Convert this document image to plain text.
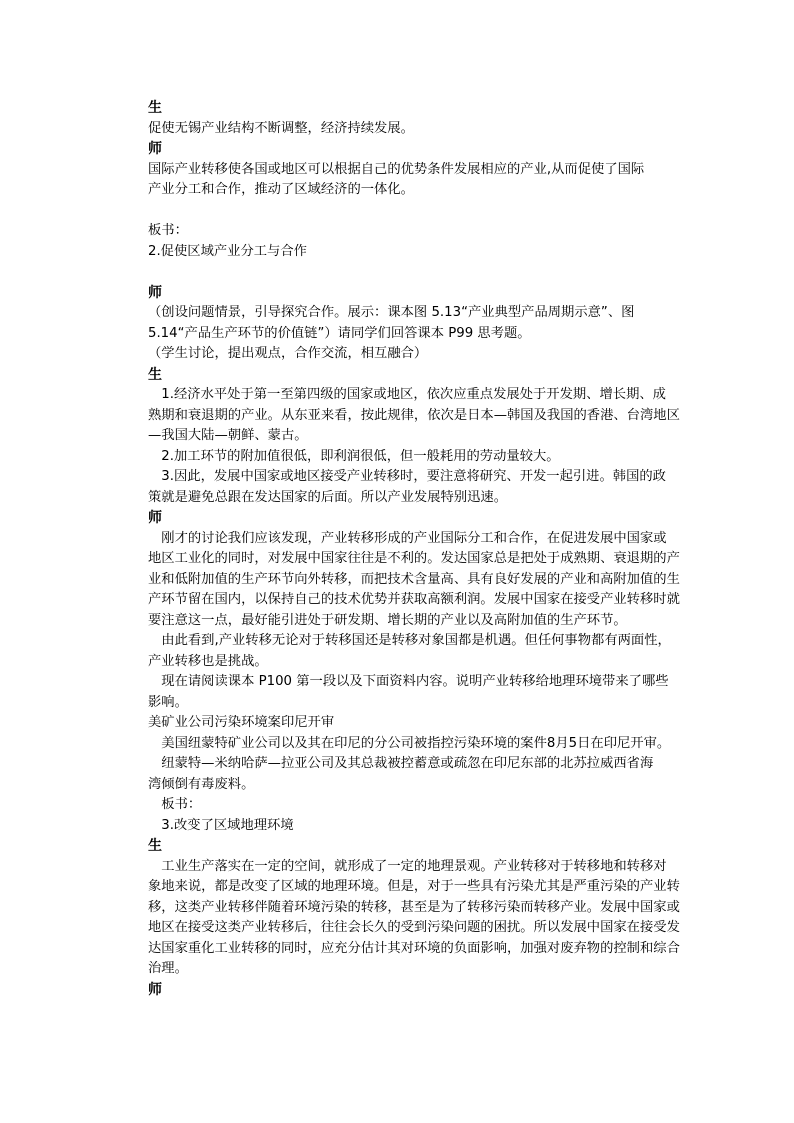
生
促使无锡产业结构不断调整，经济持续发展。
师
国际产业转移使各国或地区可以根据自己的优势条件发展相应的产业,从而促使了国际
产业分工和合作，推动了区域经济的一体化。
板书：
2.促使区域产业分工与合作
师
（创设问题情景，引导探究合作。展示：课本图 5.13“产业典型产品周期示意”、图
5.14“产品生产环节的价值链”）请同学们回答课本 P99 思考题。
（学生讨论，提出观点，合作交流，相互融合）
生
　1.经济水平处于第一至第四级的国家或地区，依次应重点发展处于开发期、增长期、成
熟期和衰退期的产业。从东亚来看，按此规律，依次是日本—韩国及我国的香港、台湾地区
—我国大陆—朝鲜、蒙古。
　2.加工环节的附加值很低，即利润很低，但一般耗用的劳动量较大。
　3.因此，发展中国家或地区接受产业转移时，要注意将研究、开发一起引进。韩国的政
策就是避免总跟在发达国家的后面。所以产业发展特别迅速。
师
　刚才的讨论我们应该发现，产业转移形成的产业国际分工和合作，在促进发展中国家或
地区工业化的同时，对发展中国家往往是不利的。发达国家总是把处于成熟期、衰退期的产
业和低附加值的生产环节向外转移，而把技术含量高、具有良好发展的产业和高附加值的生
产环节留在国内，以保持自己的技术优势并获取高额利润。发展中国家在接受产业转移时就
要注意这一点，最好能引进处于研发期、增长期的产业以及高附加值的生产环节。
　由此看到,产业转移无论对于转移国还是转移对象国都是机遇。但任何事物都有两面性，
产业转移也是挑战。
　现在请阅读课本 P100 第一段以及下面资料内容。说明产业转移给地理环境带来了哪些
影响。
美矿业公司污染环境案印尼开审
　美国纽蒙特矿业公司以及其在印尼的分公司被指控污染环境的案件8月5日在印尼开审。
　纽蒙特—米纳哈萨—拉亚公司及其总裁被控蓄意或疏忽在印尼东部的北苏拉威西省海
湾倾倒有毒废料。
　板书：
　3.改变了区域地理环境
生
　工业生产落实在一定的空间，就形成了一定的地理景观。产业转移对于转移地和转移对
象地来说，都是改变了区域的地理环境。但是，对于一些具有污染尤其是严重污染的产业转
移，这类产业转移伴随着环境污染的转移，甚至是为了转移污染而转移产业。发展中国家或
地区在接受这类产业转移后，往往会长久的受到污染问题的困扰。所以发展中国家在接受发
达国家重化工业转移的同时，应充分估计其对环境的负面影响，加强对废弃物的控制和综合
治理。
师
